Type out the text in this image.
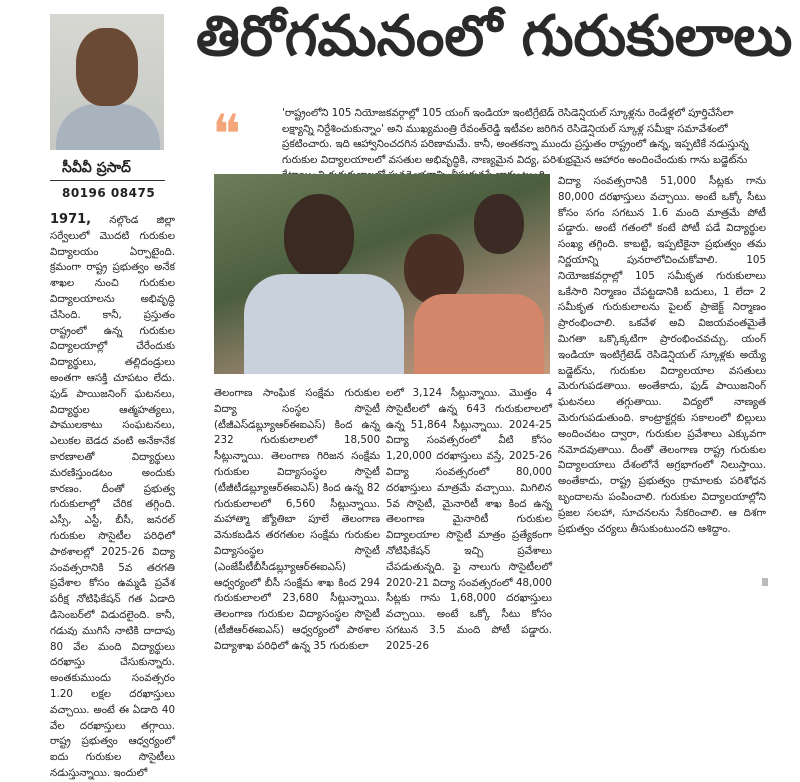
సీవీవీ ప్రసాద్
80196 08475
తిరోగమనంలో గురుకులాలు
❝	'రాష్ట్రంలోని 105 నియోజకవర్గాల్లో 105 యంగ్ ఇండియా ఇంటిగ్రేటెడ్ రెసిడెన్షియల్ స్కూళ్లను రెండేళ్లలో పూర్తిచేసేలా లక్ష్యాన్ని నిర్దేశించుకున్నాం' అని ముఖ్యమంత్రి రేవంత్‌రెడ్డి ఇటీవల జరిగిన రెసిడెన్షియల్ స్కూళ్ల సమీక్షా సమావేశంలో ప్రకటించారు. ఇది ఆహ్వానించదగిన పరిణామమే. కానీ, అంతకన్నా ముందు ప్రస్తుతం రాష్ట్రంలో ఉన్న, ఇప్పటికే నడుస్తున్న గురుకుల విద్యాలయాలలో వసతుల అభివృద్ధికి, నాణ్యమైన విద్య, పరిశుభ్రమైన ఆహారం అందించేందుకు గాను బడ్జెట్‌ను
1971, నల్గొండ జిల్లా సర్వేలులో మొదటి గురుకుల విద్యాలయం ఏర్పాటైంది. క్రమంగా రాష్ట్ర ప్రభుత్వం అనేక శాఖల నుంచి గురుకుల విద్యాలయాలను అభివృద్ధి చేసింది. కానీ, ప్రస్తుతం రాష్ట్రంలో ఉన్న గురుకుల విద్యాలయాల్లో చేరేందుకు విద్యార్థులు, తల్లిదండ్రులు అంతగా ఆసక్తి చూపటం లేదు. ఫుడ్ పాయిజనింగ్ ఘటనలు, విద్యార్థుల ఆత్మహత్యలు, పాములకాటు సంఘటనలు, ఎలుకల బెడద వంటి అనేకానేక కారణాలతో విద్యార్థులు మరణిస్తుండటం అందుకు కారణం. దీంతో ప్రభుత్వ గురుకులాల్లో చేరిక తగ్గింది. ఎస్సీ, ఎస్టీ, బీసీ, జనరల్ గురుకుల సొసైటీల పరిధిలో పాఠశాలల్లో 2025-26 విద్యా సంవత్సరానికి 5వ తరగతి ప్రవేశాల కోసం ఉమ్మడి ప్రవేశ పరీక్ష నోటిఫికేషన్ గత ఏడాది డిసెంబర్‌లో విడుదలైంది. కానీ, గడువు ముగిసే నాటికి దాదాపు 80 వేల మంది విద్యార్థులు దరఖాస్తు చేసుకున్నారు. అంతకుముందు సంవత్సరం 1.20 లక్షల దరఖాస్తులు వచ్చాయి. అంటే ఈ ఏడాది 40 వేల దరఖాస్తులు తగ్గాయి. రాష్ట్ర ప్రభుత్వం ఆధ్వర్యంలో ఐదు గురుకుల సొసైటీలు నడుస్తున్నాయి. ఇందులో
తెలంగాణ సాంఘిక సంక్షేమ గురుకుల విద్యా సంస్థల సొసైటీ (టీజీఎస్‌డబ్ల్యూఆర్ఈఐఎస్) కింద ఉన్న 232 గురుకులాలలో 18,500 సీట్లున్నాయి. తెలంగాణ గిరిజన సంక్షేమ గురుకుల విద్యాసంస్థల సొసైటీ (టీజీటీడబ్ల్యూఆర్ఈఐఎస్) కింద ఉన్న 82 గురుకులాలలో 6,560 సీట్లున్నాయి. మహాత్మా జ్యోతిబా పూలే తెలంగాణ వెనుకబడిన తరగతుల సంక్షేమ గురుకుల విద్యాసంస్థల సొసైటీ (ఎంజేపీటీబీసీడబ్ల్యూఆర్ఈఐఎస్) ఆధ్వర్యంలో బీసీ సంక్షేమ శాఖ కింద 294 గురుకులాలలో 23,680 సీట్లున్నాయి. తెలంగాణ గురుకుల విద్యాసంస్థల సొసైటీ (టీజీఆర్ఈఐఎస్) ఆధ్వర్యంలో పాఠశాల విద్యాశాఖ పరిధిలో ఉన్న 35 గురుకులా
లలో 3,124 సీట్లున్నాయి. మొత్తం 4 సొసైటీలలో ఉన్న 643 గురుకులాలలో ఉన్న 51,864 సీట్లున్నాయి. 2024-25 విద్యా సంవత్సరంలో వీటి కోసం 1,20,000 దరఖాస్తులు వస్తే, 2025-26 విద్యా సంవత్సరంలో 80,000 దరఖాస్తులు మాత్రమే వచ్చాయి. మిగిలిన 5వ సొసైటీ, మైనారిటీ శాఖ కింద ఉన్న తెలంగాణ మైనారిటీ గురుకుల విద్యాలయాల సొసైటీ మాత్రం ప్రత్యేకంగా నోటిఫికేషన్ ఇచ్చి ప్రవేశాలు చేపడుతున్నది. ఫై నాలుగు సొసైటీలలో 2020-21 విద్యా సంవత్సరంలో 48,000 సీట్లకు గాను 1,68,000 దరఖాస్తులు వచ్చాయి. అంటే ఒక్కో సీటు కోసం సగటున 3.5 మంది పోటీ పడ్డారు. 2025-26
విద్యా సంవత్సరానికి 51,000 సీట్లకు గాను 80,000 దరఖాస్తులు వచ్చాయి. అంటే ఒక్కో సీటు కోసం సగం సగటున 1.6 మంది మాత్రమే పోటీ పడ్డారు. అంటే గతంలో కంటే పోటీ పడే విద్యార్థుల సంఖ్య తగ్గింది. కాబట్టి, ఇప్పటికైనా ప్రభుత్వం తమ నిర్ణయాన్ని పునరాలోచించుకోవాలి. 105 నియోజకవర్గాల్లో 105 సమీకృత గురుకులాలు ఒకేసారి నిర్మాణం చేపట్టడానికి బదులు, 1 లేదా 2 సమీకృత గురుకులాలను పైలట్ ప్రాజెక్ట్ నిర్మాణం ప్రారంభించాలి. ఒకవేళ అవి విజయవంతమైతే మిగతా ఒక్కొక్కటిగా ప్రారంభించవచ్చు. యంగ్ ఇండియా ఇంటిగ్రేటెడ్ రెసిడెన్షియల్ స్కూళ్లకు అయ్యే బడ్జెట్‌ను, గురుకుల విద్యాలయాల వసతులు మెరుగుపడతాయి. అంతేకాదు, ఫుడ్ పాయిజనింగ్ ఘటనలు తగ్గుతాయి. విద్యలో నాణ్యత మెరుగుపడుతుంది. కాంట్రాక్టర్లకు సకాలంలో బిల్లులు అందించటం ద్వారా, గురుకుల ప్రవేశాలు ఎక్కువగా నమోదవుతాయి. దీంతో తెలంగాణ రాష్ట్ర గురుకుల విద్యాలయాలు దేశంలోనే అగ్రభాగంలో నిలుస్తాయి. అంతేకాదు, రాష్ట్ర ప్రభుత్వం గ్రామాలకు పరిశోధన బృందాలను పంపించాలి. గురుకుల విద్యాలయాల్లోని ప్రజల సలహా, సూచనలను సేకరించాలి. ఆ దిశగా ప్రభుత్వం చర్యలు తీసుకుంటుందని ఆశిద్దాం.
